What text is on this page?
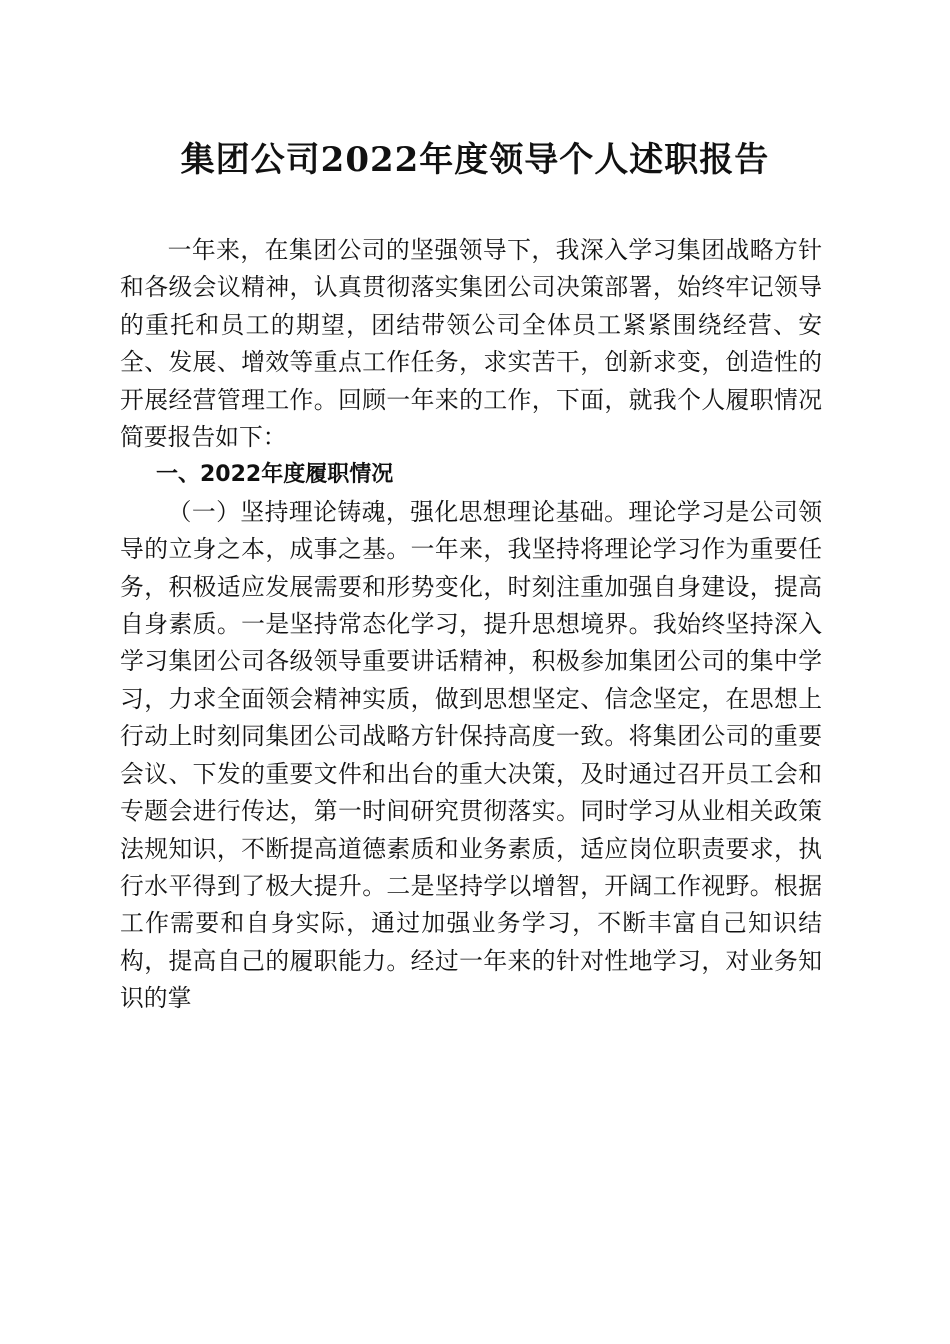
集团公司2022年度领导个人述职报告

一年来，在集团公司的坚强领导下，我深入学习集团战略方针和各级会议精神，认真贯彻落实集团公司决策部署，始终牢记领导的重托和员工的期望，团结带领公司全体员工紧紧围绕经营、安全、发展、增效等重点工作任务，求实苦干，创新求变，创造性的开展经营管理工作。回顾一年来的工作，下面，就我个人履职情况简要报告如下：

一、2022年度履职情况

（一）坚持理论铸魂，强化思想理论基础。理论学习是公司领导的立身之本，成事之基。一年来，我坚持将理论学习作为重要任务，积极适应发展需要和形势变化，时刻注重加强自身建设，提高自身素质。一是坚持常态化学习，提升思想境界。我始终坚持深入学习集团公司各级领导重要讲话精神，积极参加集团公司的集中学习，力求全面领会精神实质，做到思想坚定、信念坚定，在思想上行动上时刻同集团公司战略方针保持高度一致。将集团公司的重要会议、下发的重要文件和出台的重大决策，及时通过召开员工会和专题会进行传达，第一时间研究贯彻落实。同时学习从业相关政策法规知识，不断提高道德素质和业务素质，适应岗位职责要求，执行水平得到了极大提升。二是坚持学以增智，开阔工作视野。根据工作需要和自身实际，通过加强业务学习，不断丰富自己知识结构，提高自己的履职能力。经过一年来的针对性地学习，对业务知识的掌
